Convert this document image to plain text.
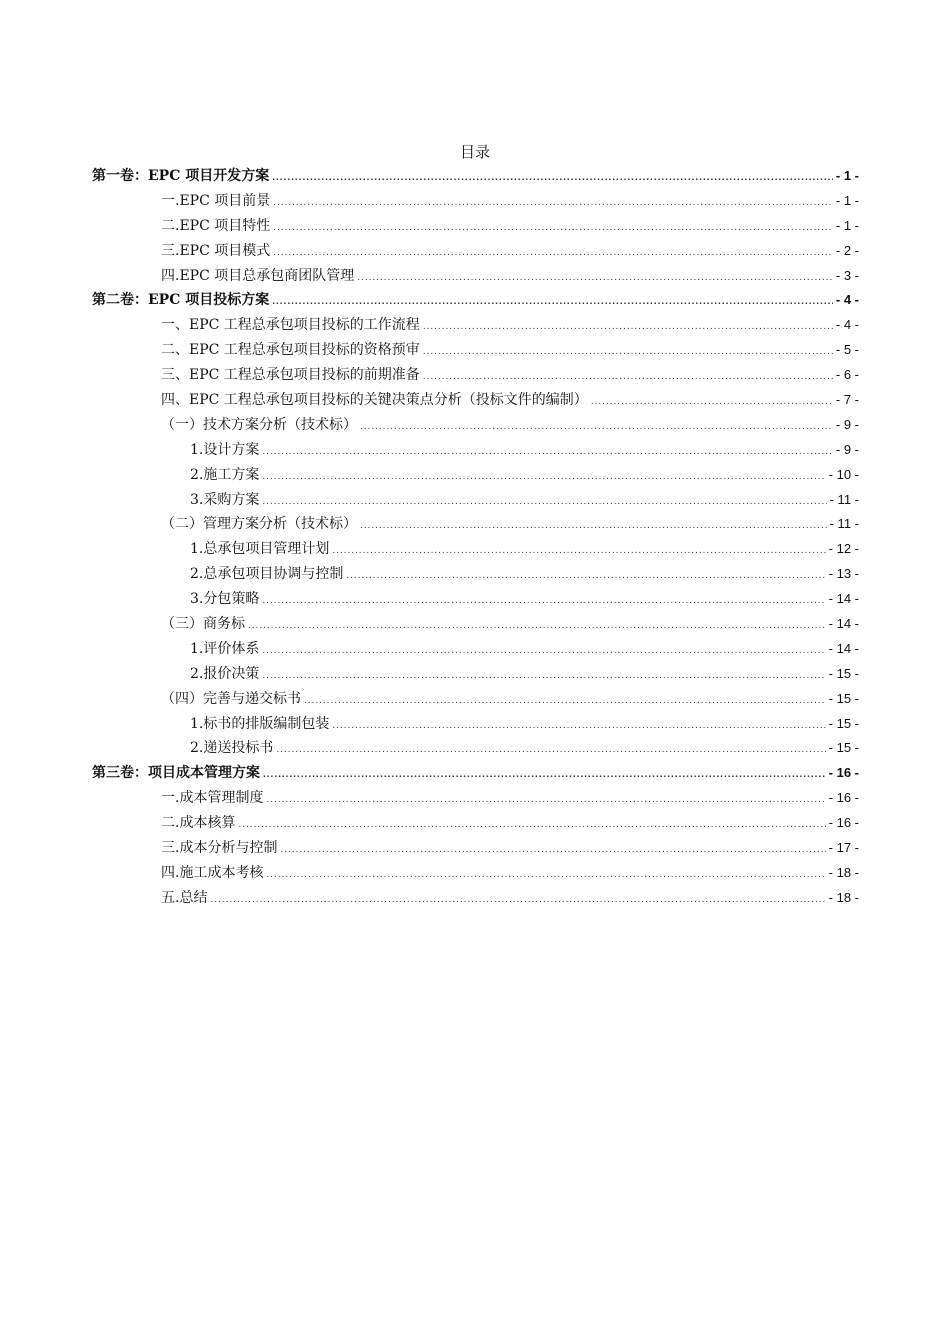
目录
第一卷：EPC 项目开发方案 .....	- 1 -
一.EPC 项目前景 .....	- 1 -
二.EPC 项目特性 .....	- 1 -
三.EPC 项目模式 .....	- 2 -
四.EPC 项目总承包商团队管理 .....	- 3 -
第二卷：EPC 项目投标方案 .....	- 4 -
一、EPC 工程总承包项目投标的工作流程 .....	- 4 -
二、EPC 工程总承包项目投标的资格预审 .....	- 5 -
三、EPC 工程总承包项目投标的前期准备 .....	- 6 -
四、EPC 工程总承包项目投标的关键决策点分析（投标文件的编制） .....	- 7 -
（一）技术方案分析（技术标） .....	- 9 -
1.设计方案 .....	- 9 -
2.施工方案 .....	- 10 -
3.采购方案 .....	- 11 -
（二）管理方案分析（技术标） .....	- 11 -
1.总承包项目管理计划 .....	- 12 -
2.总承包项目协调与控制 .....	- 13 -
3.分包策略 .....	- 14 -
（三）商务标 .....	- 14 -
1.评价体系 .....	- 14 -
2.报价决策 .....	- 15 -
（四）完善与递交标书 .....	- 15 -
1.标书的排版编制包装 .....	- 15 -
2.递送投标书 .....	- 15 -
第三卷：项目成本管理方案 .....	- 16 -
一.成本管理制度 .....	- 16 -
二.成本核算 .....	- 16 -
三.成本分析与控制 .....	- 17 -
四.施工成本考核 .....	- 18 -
五.总结 .....	- 18 -
